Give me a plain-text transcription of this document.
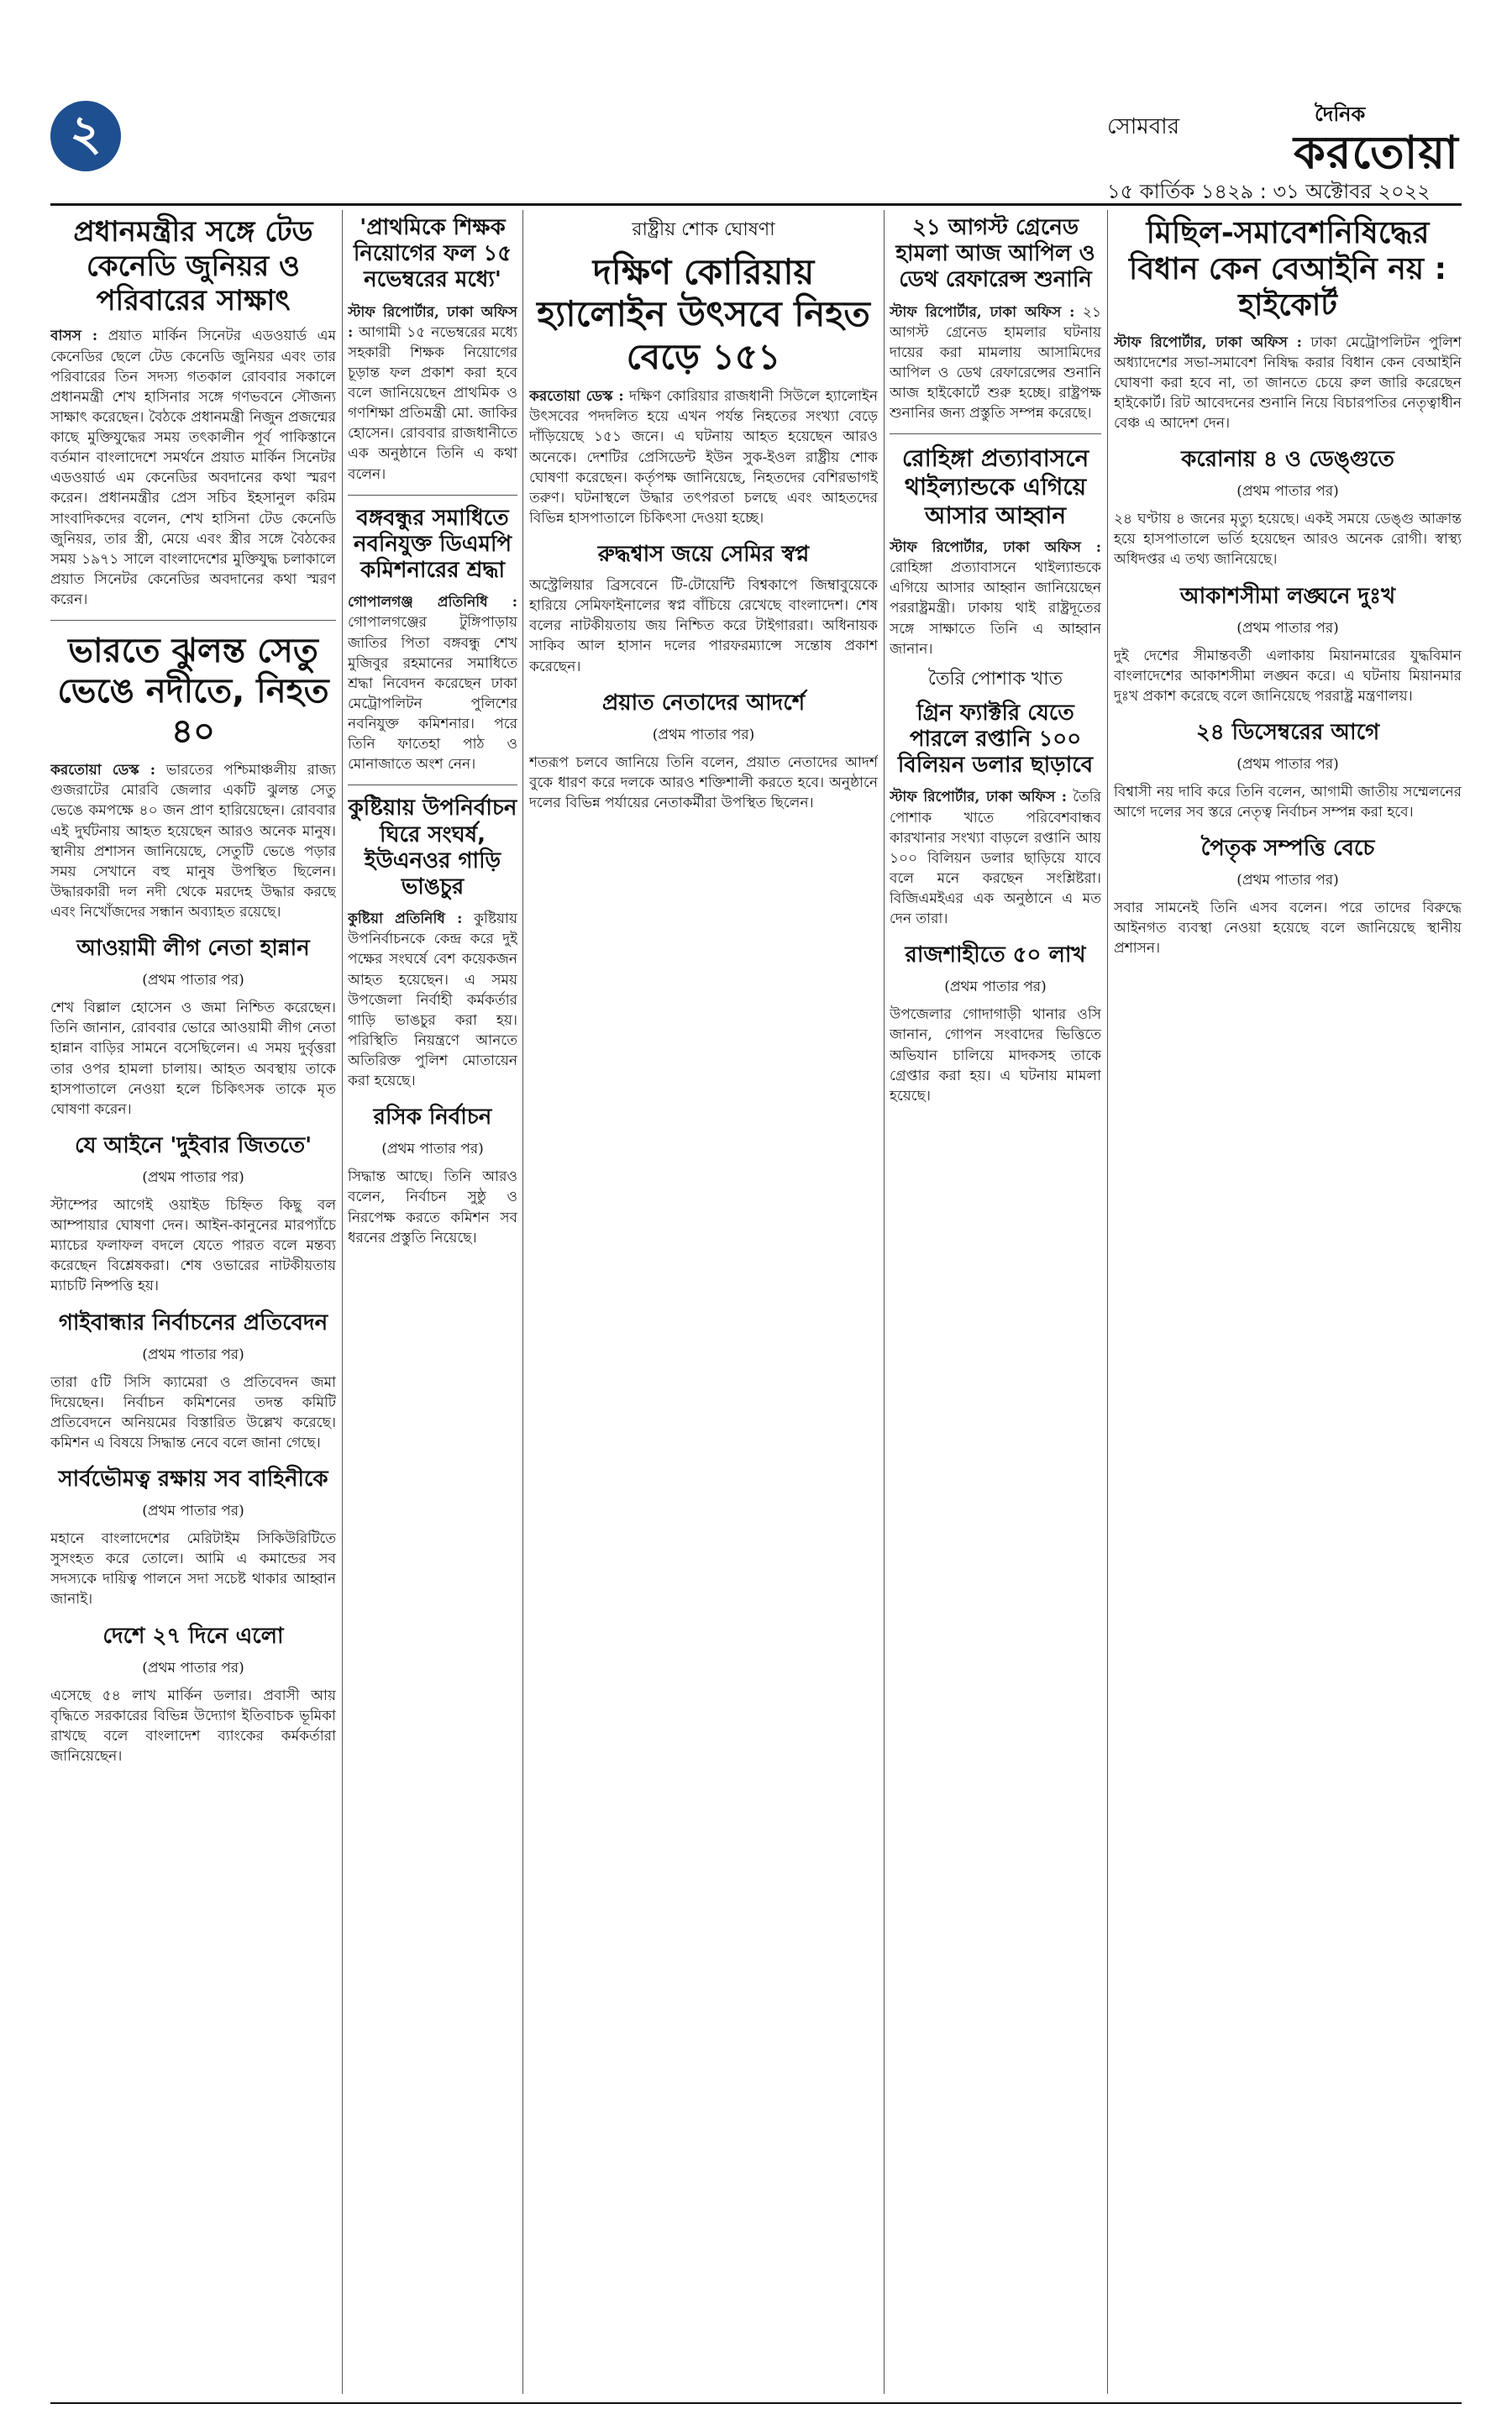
২	সোমবার	দৈনিক
করতোয়া
১৫ কার্তিক ১৪২৯ : ৩১ অক্টোবর ২০২২
প্রধানমন্ত্রীর সঙ্গে টেড কেনেডি জুনিয়র ও পরিবারের সাক্ষাৎ

বাসস : প্রয়াত মার্কিন সিনেটর এডওয়ার্ড এম কেনেডির ছেলে টেড কেনেডি জুনিয়র এবং তার পরিবারের তিন সদস্য গতকাল রোববার সকালে প্রধানমন্ত্রী শেখ হাসিনার সঙ্গে গণভবনে সৌজন্য সাক্ষাৎ করেছেন। বৈঠকে প্রধানমন্ত্রী নিজুন প্রজন্মের কাছে মুক্তিযুদ্ধের সময় তৎকালীন পূর্ব পাকিস্তানে বর্তমান বাংলাদেশে সমর্থনে প্রয়াত মার্কিন সিনেটর এডওয়ার্ড এম কেনেডির অবদানের কথা স্মরণ করেন। প্রধানমন্ত্রীর প্রেস সচিব ইহসানুল করিম সাংবাদিকদের বলেন, শেখ হাসিনা টেড কেনেডি জুনিয়র, তার স্ত্রী, মেয়ে এবং স্ত্রীর সঙ্গে বৈঠকের সময় ১৯৭১ সালে বাংলাদেশের মুক্তিযুদ্ধ চলাকালে প্রয়াত সিনেটর কেনেডির অবদানের কথা স্মরণ করেন।

ভারতে ঝুলন্ত সেতু ভেঙে নদীতে, নিহত ৪০

করতোয়া ডেস্ক : ভারতের পশ্চিমাঞ্চলীয় রাজ্য গুজরাটের মোরবি জেলার একটি ঝুলন্ত সেতু ভেঙে কমপক্ষে ৪০ জন প্রাণ হারিয়েছেন। রোববার এই দুর্ঘটনায় আহত হয়েছেন আরও অনেক মানুষ। স্থানীয় প্রশাসন জানিয়েছে, সেতুটি ভেঙে পড়ার সময় সেখানে বহু মানুষ উপস্থিত ছিলেন। উদ্ধারকারী দল নদী থেকে মরদেহ উদ্ধার করছে এবং নিখোঁজদের সন্ধান অব্যাহত রয়েছে।

আওয়ামী লীগ নেতা হান্নান
(প্রথম পাতার পর)

শেখ বিল্লাল হোসেন ও জমা নিশ্চিত করেছেন। তিনি জানান, রোববার ভোরে আওয়ামী লীগ নেতা হান্নান বাড়ির সামনে বসেছিলেন। এ সময় দুর্বৃত্তরা তার ওপর হামলা চালায়। আহত অবস্থায় তাকে হাসপাতালে নেওয়া হলে চিকিৎসক তাকে মৃত ঘোষণা করেন।

যে আইনে 'দুইবার জিততে'
(প্রথম পাতার পর)

স্টাম্পের আগেই ওয়াইড চিহ্নিত কিছু বল আম্পায়ার ঘোষণা দেন। আইন-কানুনের মারপ্যাঁচে ম্যাচের ফলাফল বদলে যেতে পারত বলে মন্তব্য করেছেন বিশ্লেষকরা। শেষ ওভারের নাটকীয়তায় ম্যাচটি নিষ্পত্তি হয়।

গাইবান্ধার নির্বাচনের প্রতিবেদন
(প্রথম পাতার পর)

তারা ৫টি সিসি ক্যামেরা ও প্রতিবেদন জমা দিয়েছেন। নির্বাচন কমিশনের তদন্ত কমিটি প্রতিবেদনে অনিয়মের বিস্তারিত উল্লেখ করেছে। কমিশন এ বিষয়ে সিদ্ধান্ত নেবে বলে জানা গেছে।

সার্বভৌমত্ব রক্ষায় সব বাহিনীকে
(প্রথম পাতার পর)

মহানে বাংলাদেশের মেরিটাইম সিকিউরিটিতে সুসংহত করে তোলে। আমি এ কমান্ডের সব সদস্যকে দায়িত্ব পালনে সদা সচেষ্ট থাকার আহ্বান জানাই।

দেশে ২৭ দিনে এলো
(প্রথম পাতার পর)

এসেছে ৫৪ লাখ মার্কিন ডলার। প্রবাসী আয় বৃদ্ধিতে সরকারের বিভিন্ন উদ্যোগ ইতিবাচক ভূমিকা রাখছে বলে বাংলাদেশ ব্যাংকের কর্মকর্তারা জানিয়েছেন।

'প্রাথমিকে শিক্ষক নিয়োগের ফল ১৫ নভেম্বরের মধ্যে'

স্টাফ রিপোর্টার, ঢাকা অফিস : আগামী ১৫ নভেম্বরের মধ্যে সহকারী শিক্ষক নিয়োগের চূড়ান্ত ফল প্রকাশ করা হবে বলে জানিয়েছেন প্রাথমিক ও গণশিক্ষা প্রতিমন্ত্রী মো. জাকির হোসেন। রোববার রাজধানীতে এক অনুষ্ঠানে তিনি এ কথা বলেন।

বঙ্গবন্ধুর সমাধিতে নবনিযুক্ত ডিএমপি কমিশনারের শ্রদ্ধা

গোপালগঞ্জ প্রতিনিধি : গোপালগঞ্জের টুঙ্গিপাড়ায় জাতির পিতা বঙ্গবন্ধু শেখ মুজিবুর রহমানের সমাধিতে শ্রদ্ধা নিবেদন করেছেন ঢাকা মেট্রোপলিটন পুলিশের নবনিযুক্ত কমিশনার। পরে তিনি ফাতেহা পাঠ ও মোনাজাতে অংশ নেন।

কুষ্টিয়ায় উপনির্বাচন ঘিরে সংঘর্ষ, ইউএনওর গাড়ি ভাঙচুর

কুষ্টিয়া প্রতিনিধি : কুষ্টিয়ায় উপনির্বাচনকে কেন্দ্র করে দুই পক্ষের সংঘর্ষে বেশ কয়েকজন আহত হয়েছেন। এ সময় উপজেলা নির্বাহী কর্মকর্তার গাড়ি ভাঙচুর করা হয়। পরিস্থিতি নিয়ন্ত্রণে আনতে অতিরিক্ত পুলিশ মোতায়েন করা হয়েছে।

রসিক নির্বাচন
(প্রথম পাতার পর)

সিদ্ধান্ত আছে। তিনি আরও বলেন, নির্বাচন সুষ্ঠু ও নিরপেক্ষ করতে কমিশন সব ধরনের প্রস্তুতি নিয়েছে।

রাষ্ট্রীয় শোক ঘোষণা
দক্ষিণ কোরিয়ায় হ্যালোইন উৎসবে নিহত বেড়ে ১৫১

করতোয়া ডেস্ক : দক্ষিণ কোরিয়ার রাজধানী সিউলে হ্যালোইন উৎসবের পদদলিত হয়ে এখন পর্যন্ত নিহতের সংখ্যা বেড়ে দাঁড়িয়েছে ১৫১ জনে। এ ঘটনায় আহত হয়েছেন আরও অনেকে। দেশটির প্রেসিডেন্ট ইউন সুক-ইওল রাষ্ট্রীয় শোক ঘোষণা করেছেন। কর্তৃপক্ষ জানিয়েছে, নিহতদের বেশিরভাগই তরুণ। ঘটনাস্থলে উদ্ধার তৎপরতা চলছে এবং আহতদের বিভিন্ন হাসপাতালে চিকিৎসা দেওয়া হচ্ছে।

রুদ্ধশ্বাস জয়ে সেমির স্বপ্ন

অস্ট্রেলিয়ার ব্রিসবেনে টি-টোয়েন্টি বিশ্বকাপে জিম্বাবুয়েকে হারিয়ে সেমিফাইনালের স্বপ্ন বাঁচিয়ে রেখেছে বাংলাদেশ। শেষ বলের নাটকীয়তায় জয় নিশ্চিত করে টাইগাররা। অধিনায়ক সাকিব আল হাসান দলের পারফরম্যান্সে সন্তোষ প্রকাশ করেছেন।

প্রয়াত নেতাদের আদর্শে
(প্রথম পাতার পর)

শতরূপ চলবে জানিয়ে তিনি বলেন, প্রয়াত নেতাদের আদর্শ বুকে ধারণ করে দলকে আরও শক্তিশালী করতে হবে। অনুষ্ঠানে দলের বিভিন্ন পর্যায়ের নেতাকর্মীরা উপস্থিত ছিলেন।

২১ আগস্ট গ্রেনেড হামলা আজ আপিল ও ডেথ রেফারেন্স শুনানি

স্টাফ রিপোর্টার, ঢাকা অফিস : ২১ আগস্ট গ্রেনেড হামলার ঘটনায় দায়ের করা মামলায় আসামিদের আপিল ও ডেথ রেফারেন্সের শুনানি আজ হাইকোর্টে শুরু হচ্ছে। রাষ্ট্রপক্ষ শুনানির জন্য প্রস্তুতি সম্পন্ন করেছে।

রোহিঙ্গা প্রত্যাবাসনে থাইল্যান্ডকে এগিয়ে আসার আহ্বান

স্টাফ রিপোর্টার, ঢাকা অফিস : রোহিঙ্গা প্রত্যাবাসনে থাইল্যান্ডকে এগিয়ে আসার আহ্বান জানিয়েছেন পররাষ্ট্রমন্ত্রী। ঢাকায় থাই রাষ্ট্রদূতের সঙ্গে সাক্ষাতে তিনি এ আহ্বান জানান।

তৈরি পোশাক খাত
গ্রিন ফ্যাক্টরি যেতে পারলে রপ্তানি ১০০ বিলিয়ন ডলার ছাড়াবে

স্টাফ রিপোর্টার, ঢাকা অফিস : তৈরি পোশাক খাতে পরিবেশবান্ধব কারখানার সংখ্যা বাড়লে রপ্তানি আয় ১০০ বিলিয়ন ডলার ছাড়িয়ে যাবে বলে মনে করছেন সংশ্লিষ্টরা। বিজিএমইএর এক অনুষ্ঠানে এ মত দেন তারা।

রাজশাহীতে ৫০ লাখ
(প্রথম পাতার পর)

উপজেলার গোদাগাড়ী থানার ওসি জানান, গোপন সংবাদের ভিত্তিতে অভিযান চালিয়ে মাদকসহ তাকে গ্রেপ্তার করা হয়। এ ঘটনায় মামলা হয়েছে।

মিছিল-সমাবেশনিষিদ্ধের বিধান কেন বেআইনি নয় : হাইকোর্ট

স্টাফ রিপোর্টার, ঢাকা অফিস : ঢাকা মেট্রোপলিটন পুলিশ অধ্যাদেশের সভা-সমাবেশ নিষিদ্ধ করার বিধান কেন বেআইনি ঘোষণা করা হবে না, তা জানতে চেয়ে রুল জারি করেছেন হাইকোর্ট। রিট আবেদনের শুনানি নিয়ে বিচারপতির নেতৃত্বাধীন বেঞ্চ এ আদেশ দেন।

করোনায় ৪ ও ডেঙ্গুতে
(প্রথম পাতার পর)

২৪ ঘণ্টায় ৪ জনের মৃত্যু হয়েছে। একই সময়ে ডেঙ্গু আক্রান্ত হয়ে হাসপাতালে ভর্তি হয়েছেন আরও অনেক রোগী। স্বাস্থ্য অধিদপ্তর এ তথ্য জানিয়েছে।

আকাশসীমা লঙ্ঘনে দুঃখ
(প্রথম পাতার পর)

দুই দেশের সীমান্তবর্তী এলাকায় মিয়ানমারের যুদ্ধবিমান বাংলাদেশের আকাশসীমা লঙ্ঘন করে। এ ঘটনায় মিয়ানমার দুঃখ প্রকাশ করেছে বলে জানিয়েছে পররাষ্ট্র মন্ত্রণালয়।

২৪ ডিসেম্বরের আগে
(প্রথম পাতার পর)

বিশ্বাসী নয় দাবি করে তিনি বলেন, আগামী জাতীয় সম্মেলনের আগে দলের সব স্তরে নেতৃত্ব নির্বাচন সম্পন্ন করা হবে।

পৈতৃক সম্পত্তি বেচে
(প্রথম পাতার পর)

সবার সামনেই তিনি এসব বলেন। পরে তাদের বিরুদ্ধে আইনগত ব্যবস্থা নেওয়া হয়েছে বলে জানিয়েছে স্থানীয় প্রশাসন।
